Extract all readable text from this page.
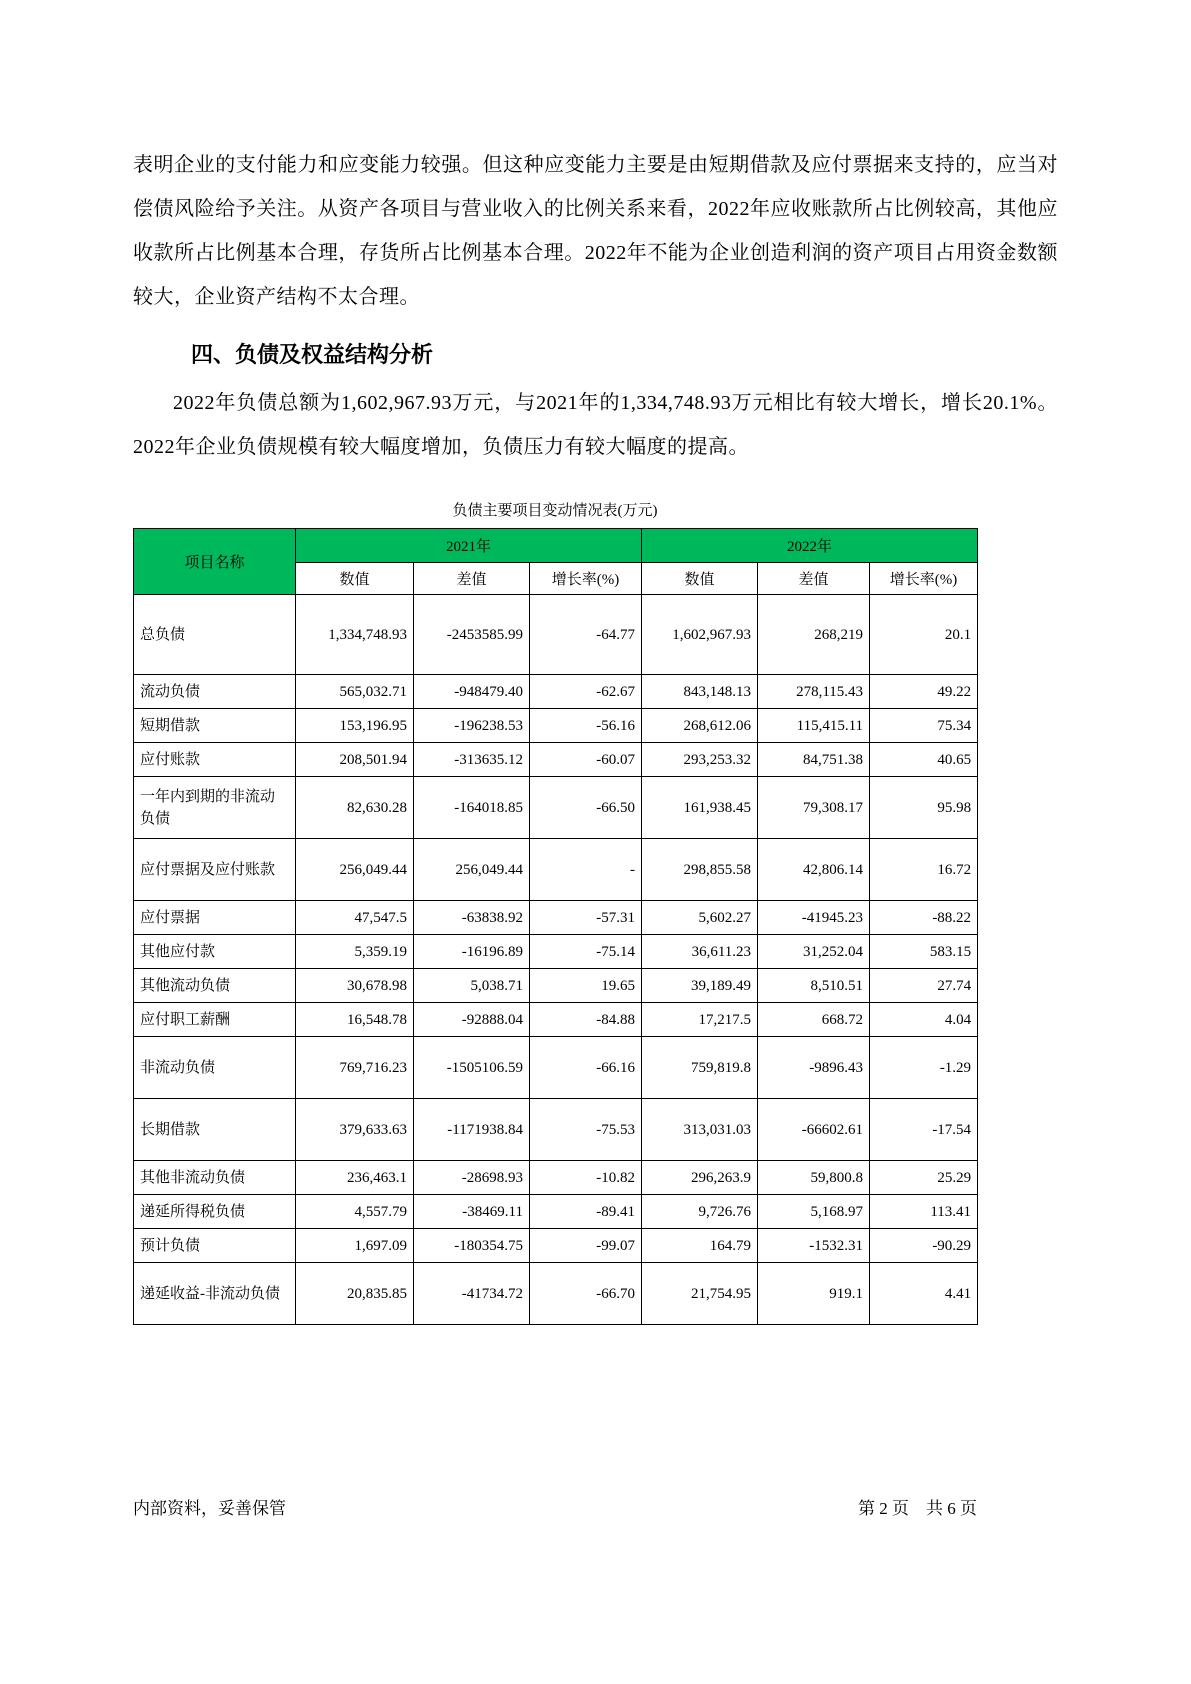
表明企业的支付能力和应变能力较强。但这种应变能力主要是由短期借款及应付票据来支持的，应当对偿债风险给予关注。从资产各项目与营业收入的比例关系来看，2022年应收账款所占比例较高，其他应收款所占比例基本合理，存货所占比例基本合理。2022年不能为企业创造利润的资产项目占用资金数额较大，企业资产结构不太合理。

四、负债及权益结构分析

2022年负债总额为1,602,967.93万元，与2021年的1,334,748.93万元相比有较大增长，增长20.1%。2022年企业负债规模有较大幅度增加，负债压力有较大幅度的提高。

负债主要项目变动情况表(万元)
项目名称	2021年			2022年		
	数值	差值	增长率(%)	数值	差值	增长率(%)
总负债	1,334,748.93	-2453585.99	-64.77	1,602,967.93	268,219	20.1
流动负债	565,032.71	-948479.40	-62.67	843,148.13	278,115.43	49.22
短期借款	153,196.95	-196238.53	-56.16	268,612.06	115,415.11	75.34
应付账款	208,501.94	-313635.12	-60.07	293,253.32	84,751.38	40.65
一年内到期的非流动负债	82,630.28	-164018.85	-66.50	161,938.45	79,308.17	95.98
应付票据及应付账款	256,049.44	256,049.44	-	298,855.58	42,806.14	16.72
应付票据	47,547.5	-63838.92	-57.31	5,602.27	-41945.23	-88.22
其他应付款	5,359.19	-16196.89	-75.14	36,611.23	31,252.04	583.15
其他流动负债	30,678.98	5,038.71	19.65	39,189.49	8,510.51	27.74
应付职工薪酬	16,548.78	-92888.04	-84.88	17,217.5	668.72	4.04
非流动负债	769,716.23	-1505106.59	-66.16	759,819.8	-9896.43	-1.29
长期借款	379,633.63	-1171938.84	-75.53	313,031.03	-66602.61	-17.54
其他非流动负债	236,463.1	-28698.93	-10.82	296,263.9	59,800.8	25.29
递延所得税负债	4,557.79	-38469.11	-89.41	9,726.76	5,168.97	113.41
预计负债	1,697.09	-180354.75	-99.07	164.79	-1532.31	-90.29
递延收益-非流动负债	20,835.85	-41734.72	-66.70	21,754.95	919.1	4.41
内部资料，妥善保管	第 2 页　共 6 页
